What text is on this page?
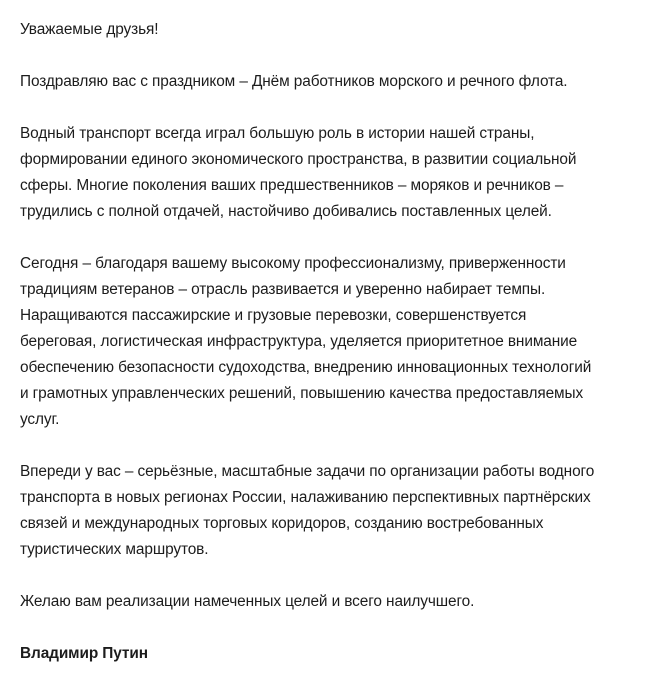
Уважаемые друзья!

Поздравляю вас с праздником – Днём работников морского и речного флота.

Водный транспорт всегда играл большую роль в истории нашей страны,
формировании единого экономического пространства, в развитии социальной
сферы. Многие поколения ваших предшественников – моряков и речников –
трудились с полной отдачей, настойчиво добивались поставленных целей.

Сегодня – благодаря вашему высокому профессионализму, приверженности
традициям ветеранов – отрасль развивается и уверенно набирает темпы.
Наращиваются пассажирские и грузовые перевозки, совершенствуется
береговая, логистическая инфраструктура, уделяется приоритетное внимание
обеспечению безопасности судоходства, внедрению инновационных технологий
и грамотных управленческих решений, повышению качества предоставляемых
услуг.

Впереди у вас – серьёзные, масштабные задачи по организации работы водного
транспорта в новых регионах России, налаживанию перспективных партнёрских
связей и международных торговых коридоров, созданию востребованных
туристических маршрутов.

Желаю вам реализации намеченных целей и всего наилучшего.

Владимир Путин
